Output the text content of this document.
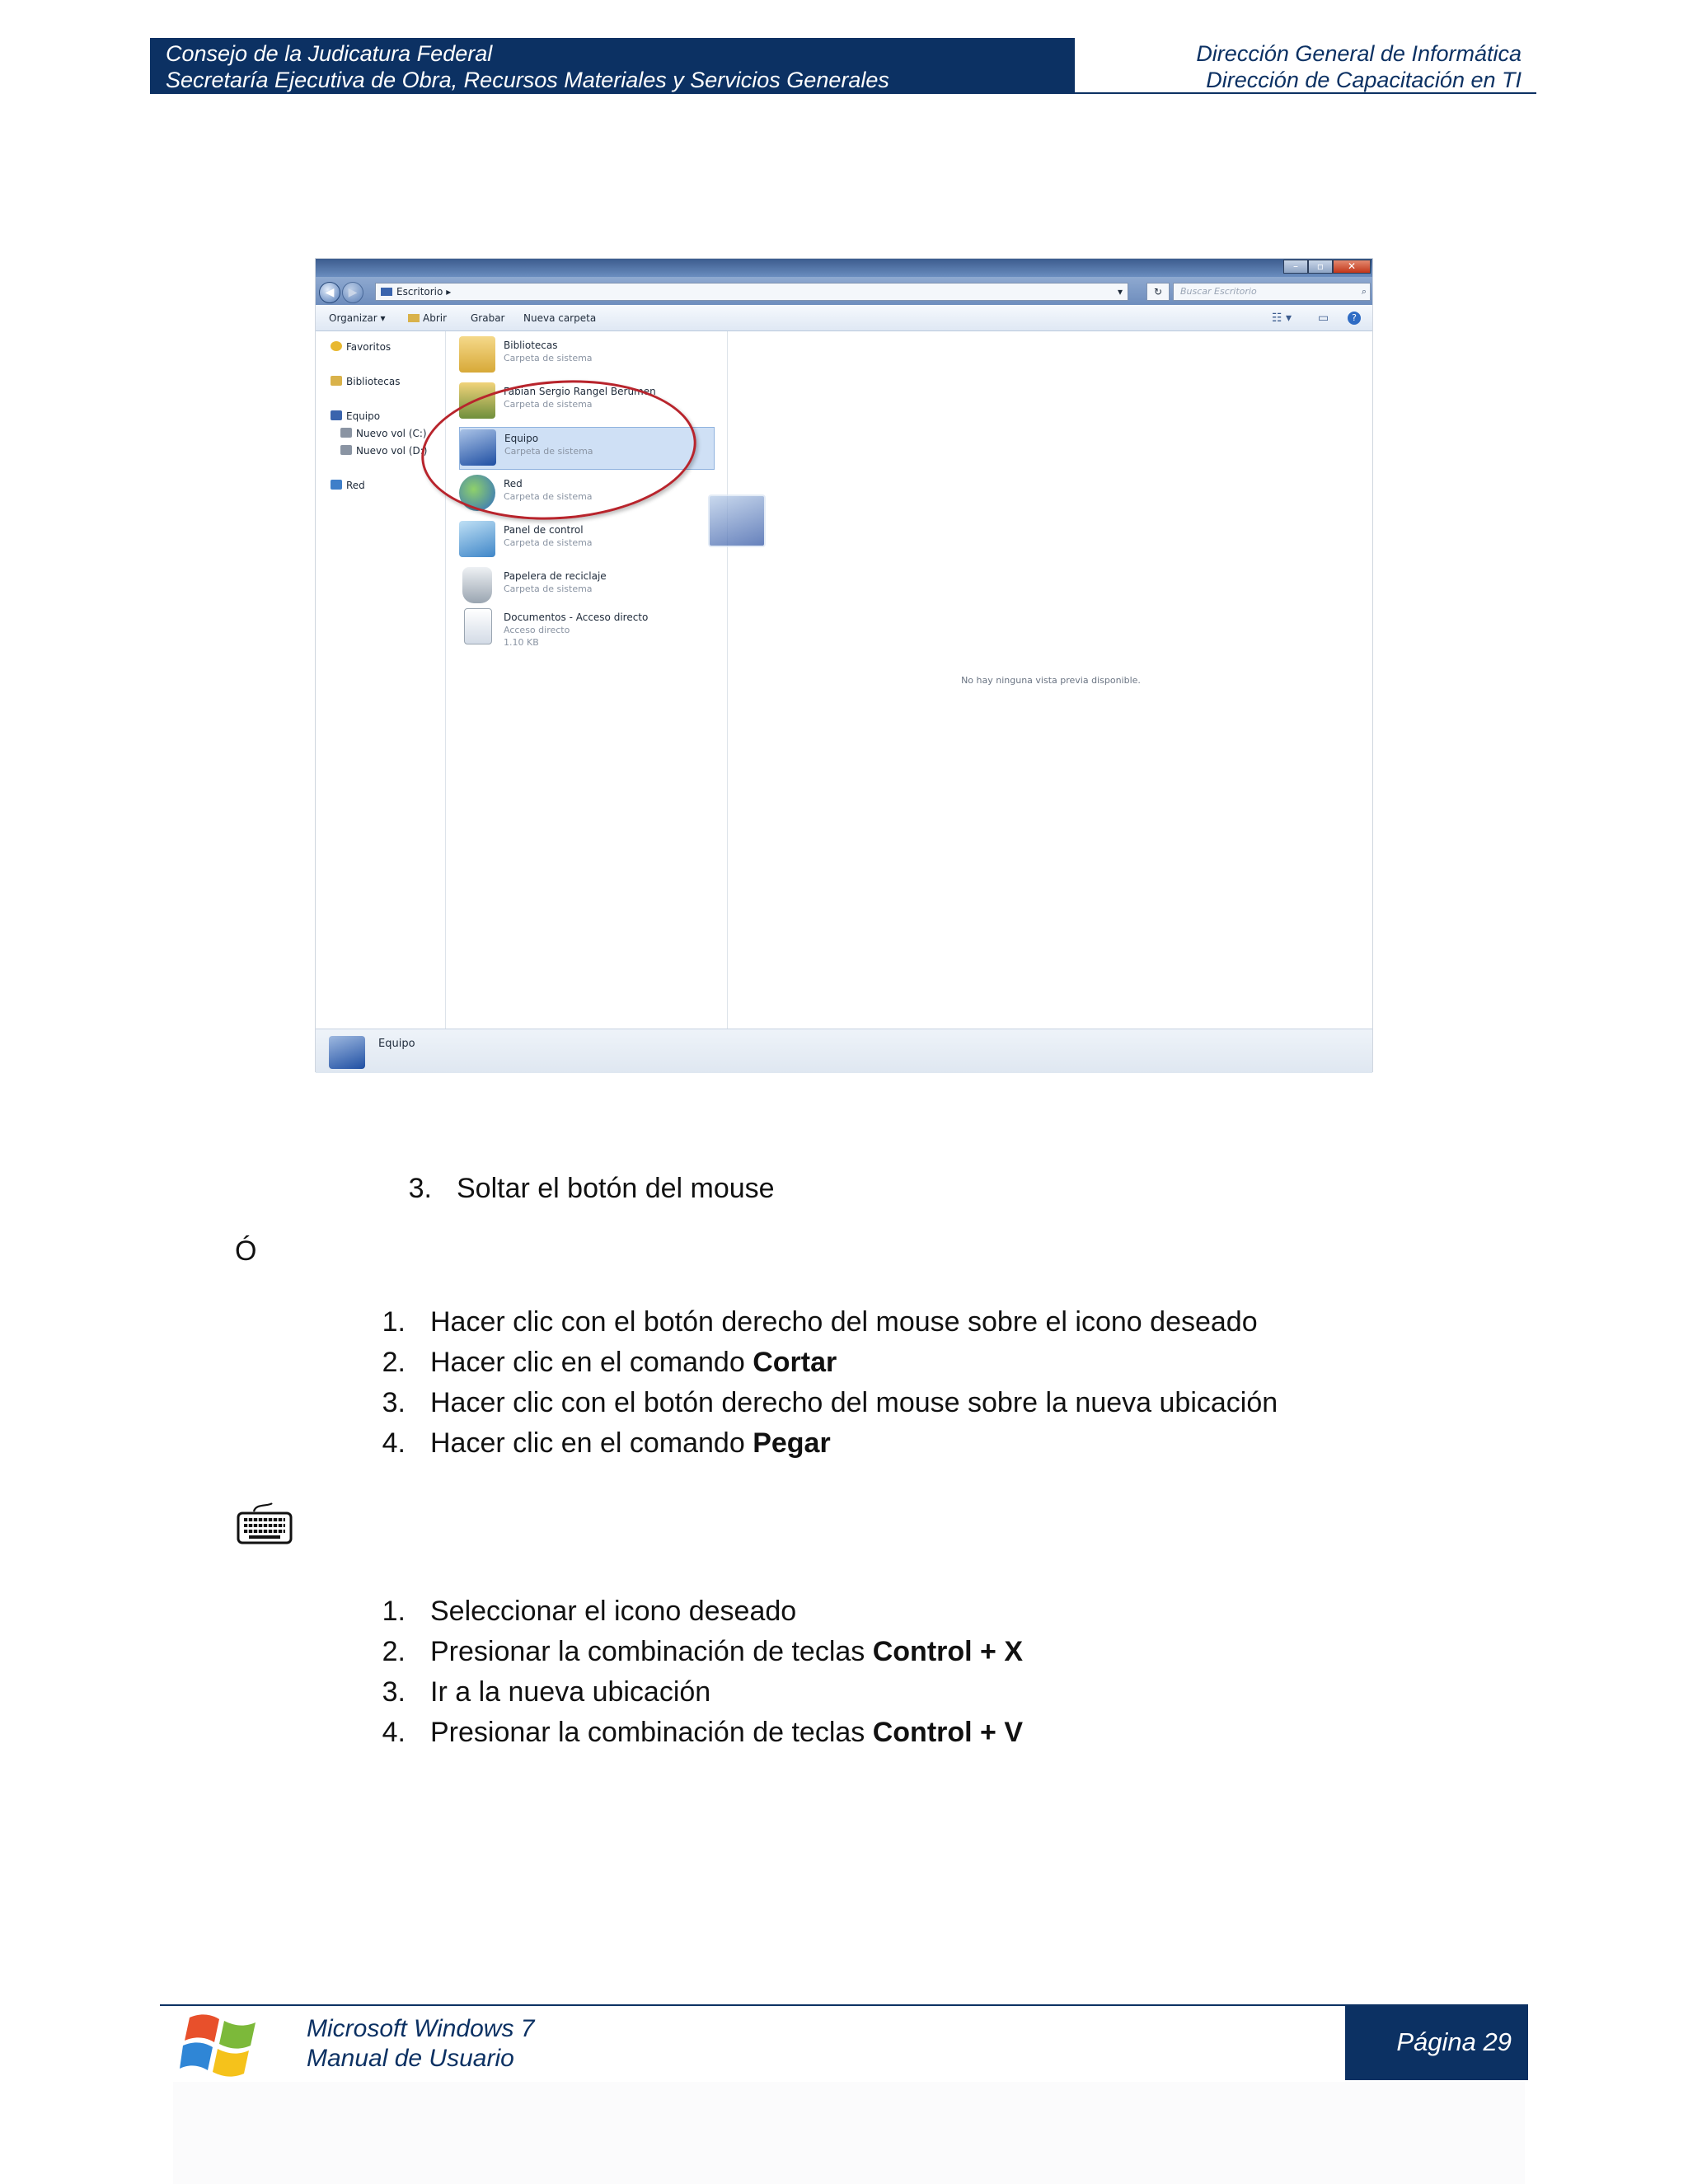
Consejo de la Judicatura Federal
Secretaría Ejecutiva de Obra, Recursos Materiales y Servicios Generales
Dirección General de Informática
Dirección de Capacitación en TI
–	▫	✕
◀	▶	Escritorio ▸	▾	↻	Buscar Escritorio	⌕
Organizar ▾	Abrir Grabar Nueva carpeta	☷ ▾ ▭	?
Favoritos
Bibliotecas
Equipo
Nuevo vol (C:)
Nuevo vol (D:)
Red
Bibliotecas
Carpeta de sistema
Fabian Sergio Rangel Berumen
Carpeta de sistema
Equipo
Carpeta de sistema
Red
Carpeta de sistema
Panel de control
Carpeta de sistema
Papelera de reciclaje
Carpeta de sistema
Documentos - Acceso directo
Acceso directo
1.10 KB
No hay ninguna vista previa disponible.
Equipo
3. Soltar el botón del mouse
Ó
1. Hacer clic con el botón derecho del mouse sobre el icono deseado
2. Hacer clic en el comando Cortar
3. Hacer clic con el botón derecho del mouse sobre la nueva ubicación
4. Hacer clic en el comando Pegar
1. Seleccionar el icono deseado
2. Presionar la combinación de teclas Control + X
3. Ir a la nueva ubicación
4. Presionar la combinación de teclas Control + V
Microsoft Windows 7
Manual de Usuario
Página 29
